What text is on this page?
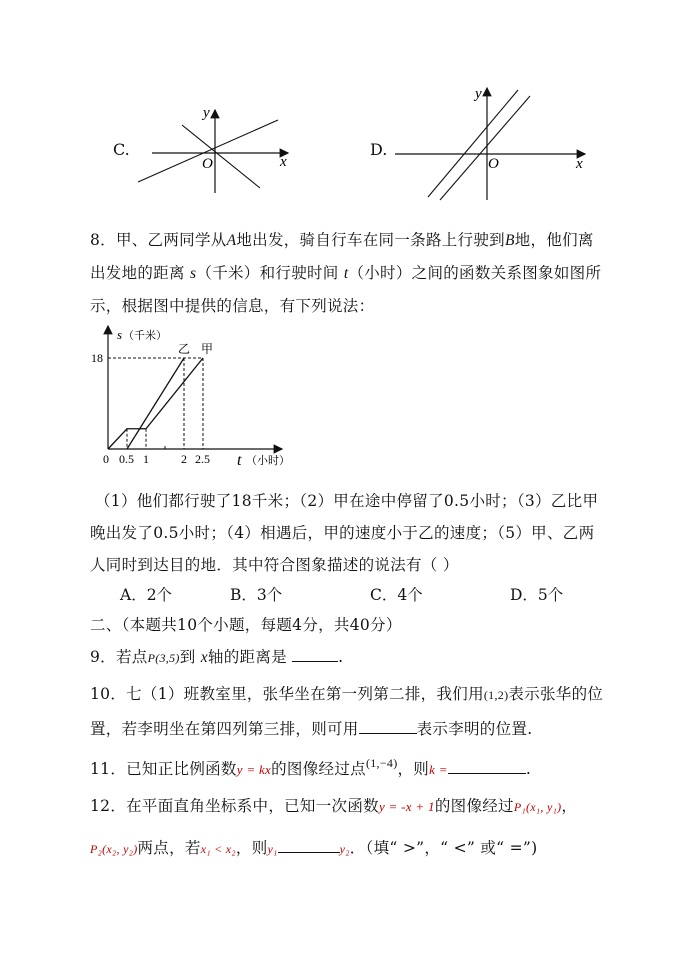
C.
y
x
O
D.
y
x
O
8．甲、乙两同学从A地出发，骑自行车在同一条路上行驶到B地，他们离
出发地的距离 s（千米）和行驶时间 t（小时）之间的函数关系图象如图所
示，根据图中提供的信息，有下列说法：
s （千米）
18
0	t （小时）
乙 甲
0.5 1	2 2.5
（1）他们都行驶了18千米；（2）甲在途中停留了0.5小时；（3）乙比甲
晚出发了0.5小时；（4）相遇后，甲的速度小于乙的速度；（5）甲、乙两
人同时到达目的地．其中符合图象描述的说法有（ ）
A．2个	B．3个	C．4个	D．5个
二、（本题共10个小题，每题4分，共40分）
9．若点P(3,5)到 x轴的距离是	.
10．七（1）班教室里，张华坐在第一列第二排，我们用(1,2)表示张华的位
置，若李明坐在第四列第三排，则可用	表示李明的位置.
11．已知正比例函数y = kx的图像经过点$^{(1,-4)}$，则k =	.
12．在平面直角坐标系中，已知一次函数y = -x + 1的图像经过P₁(x₁, y₁)，
P₂(x₂, y₂)两点，若x₁ < x₂，则y₁	y₂．（填“ >”，“ <” 或“ =”)
